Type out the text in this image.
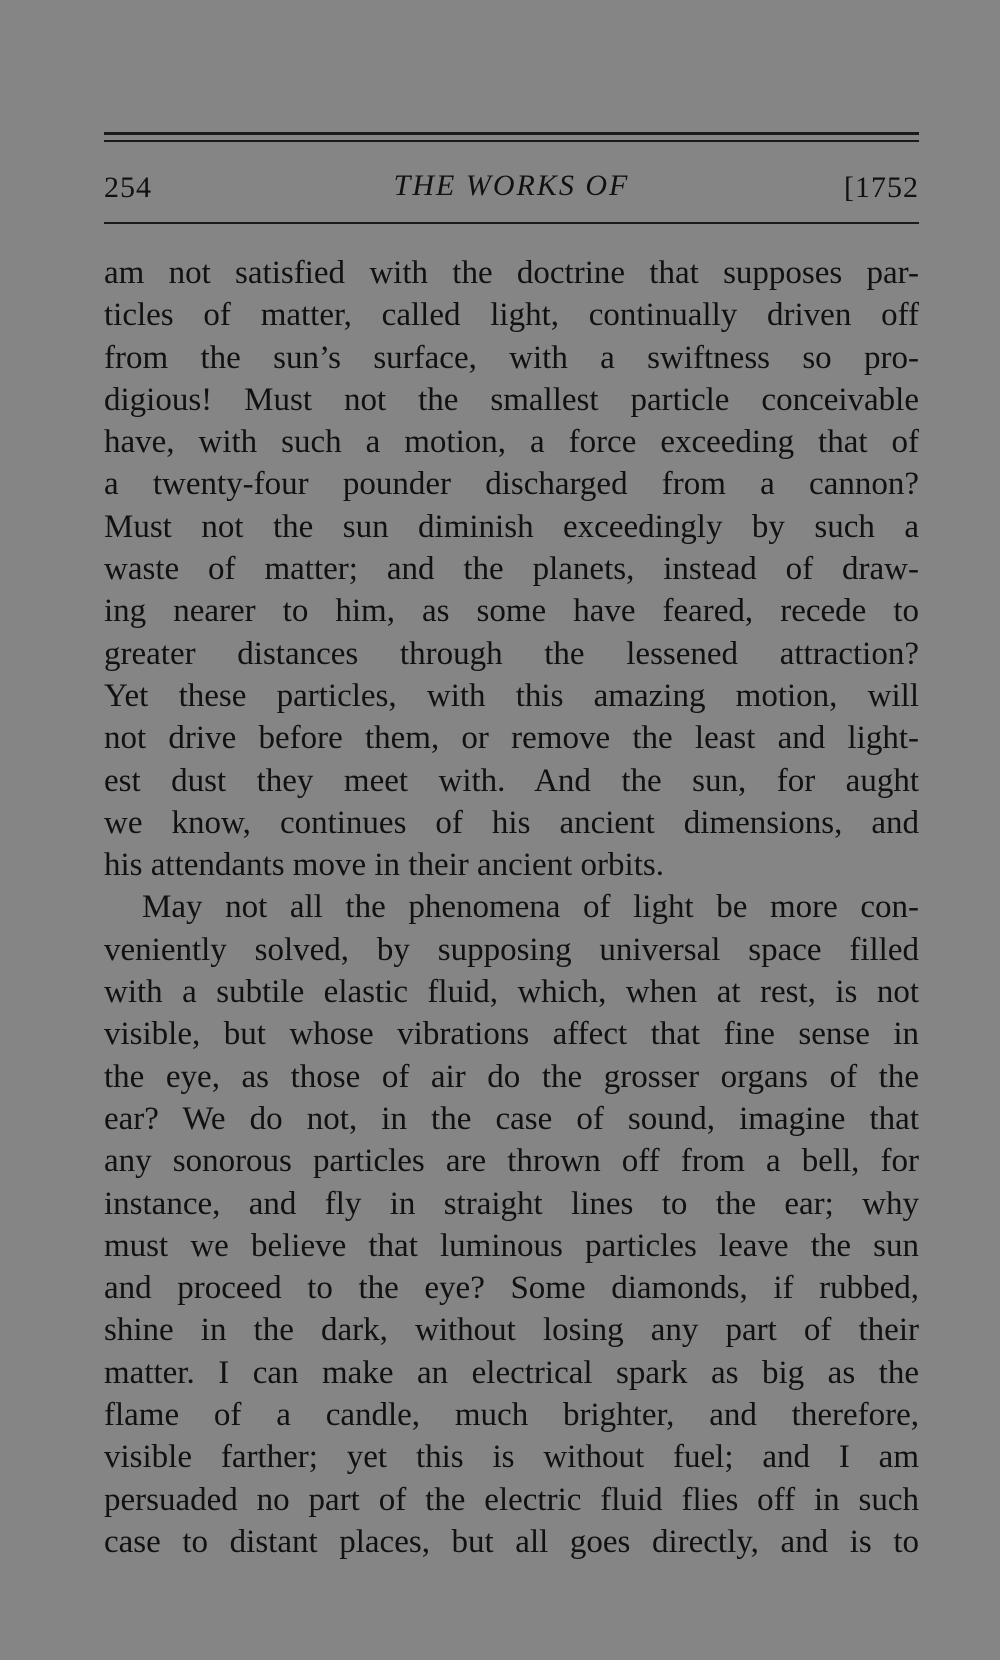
254	THE WORKS OF	[1752
am not satisfied with the doctrine that supposes par-
ticles of matter, called light, continually driven off
from the sun’s surface, with a swiftness so pro-
digious! Must not the smallest particle conceivable
have, with such a motion, a force exceeding that of
a twenty-four pounder discharged from a cannon?
Must not the sun diminish exceedingly by such a
waste of matter; and the planets, instead of draw-
ing nearer to him, as some have feared, recede to
greater distances through the lessened attraction?
Yet these particles, with this amazing motion, will
not drive before them, or remove the least and light-
est dust they meet with. And the sun, for aught
we know, continues of his ancient dimensions, and
his attendants move in their ancient orbits.
May not all the phenomena of light be more con-
veniently solved, by supposing universal space filled
with a subtile elastic fluid, which, when at rest, is not
visible, but whose vibrations affect that fine sense in
the eye, as those of air do the grosser organs of the
ear? We do not, in the case of sound, imagine that
any sonorous particles are thrown off from a bell, for
instance, and fly in straight lines to the ear; why
must we believe that luminous particles leave the sun
and proceed to the eye? Some diamonds, if rubbed,
shine in the dark, without losing any part of their
matter. I can make an electrical spark as big as the
flame of a candle, much brighter, and therefore,
visible farther; yet this is without fuel; and I am
persuaded no part of the electric fluid flies off in such
case to distant places, but all goes directly, and is to
